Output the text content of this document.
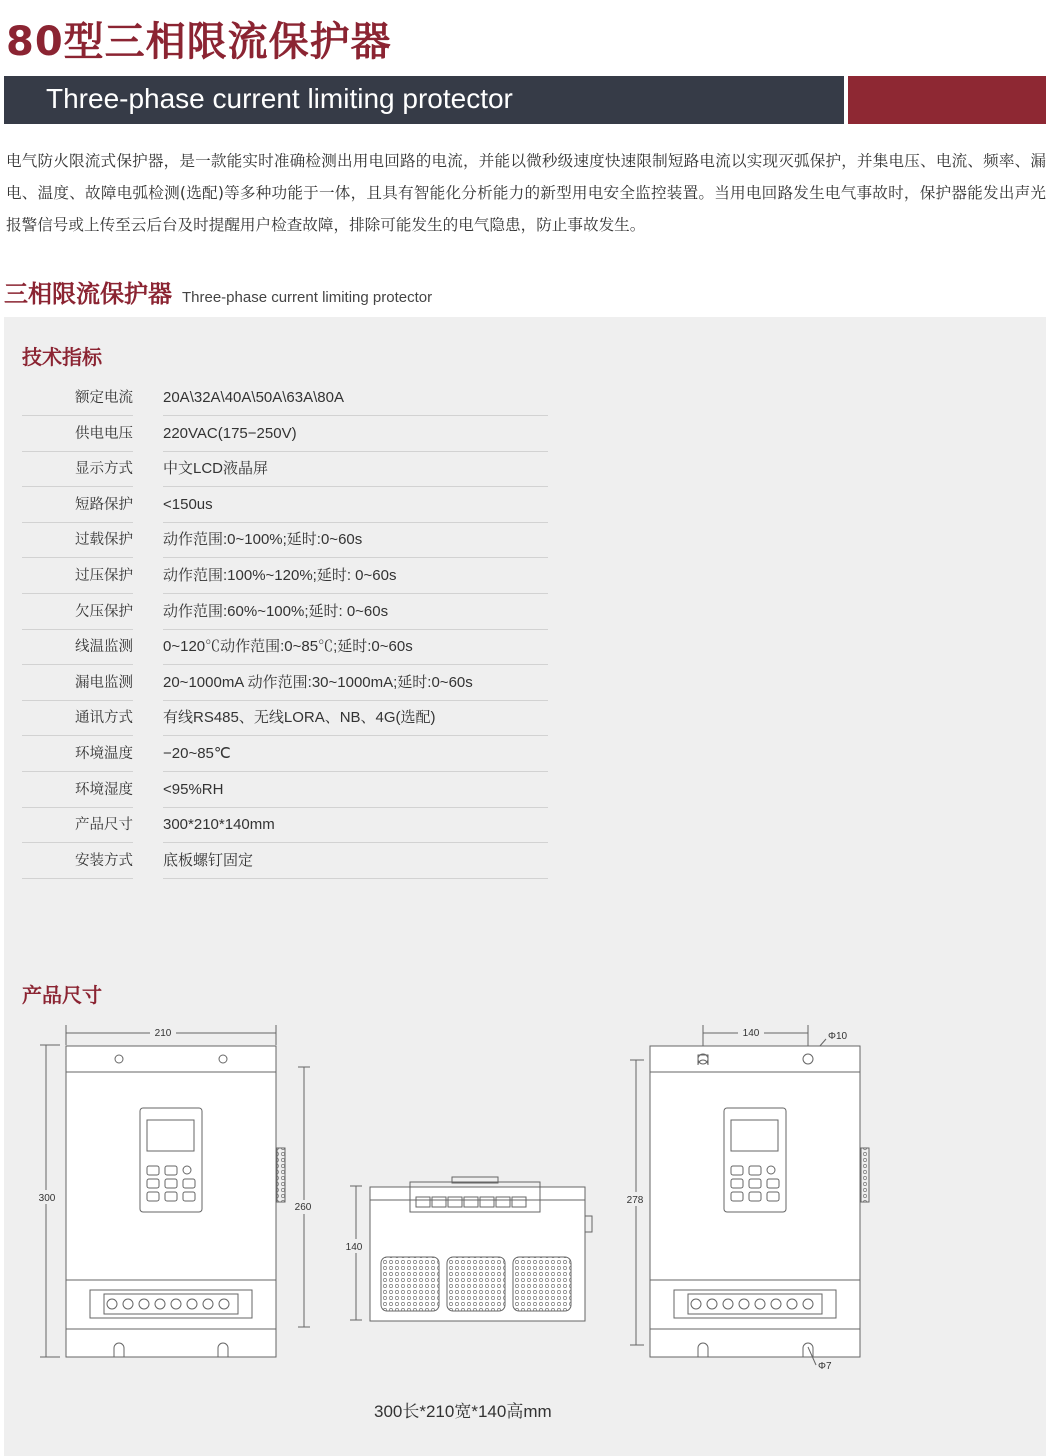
80型三相限流保护器
Three-phase current limiting protector

电气防火限流式保护器，是一款能实时准确检测出用电回路的电流，并能以微秒级速度快速限制短路电流以实现灭弧保护，并集电压、电流、频率、漏电、温度、故障电弧检测(选配)等多种功能于一体，且具有智能化分析能力的新型用电安全监控装置。当用电回路发生电气事故时，保护器能发出声光报警信号或上传至云后台及时提醒用户检查故障，排除可能发生的电气隐患，防止事故发生。

三相限流保护器 Three-phase current limiting protector
技术指标
额定电流 20A\32A\40A\50A\63A\80A
供电电压 220VAC(175−250V)
显示方式 中文LCD液晶屏
短路保护 <150us
过载保护 动作范围:0~100%;延时:0~60s
过压保护 动作范围:100%~120%;延时: 0~60s
欠压保护 动作范围:60%~100%;延时: 0~60s
线温监测 0~120℃动作范围:0~85℃;延时:0~60s
漏电监测 20~1000mA 动作范围:30~1000mA;延时:0~60s
通讯方式 有线RS485、无线LORA、NB、4G(选配)
环境温度 −20~85℃
环境湿度 <95%RH
产品尺寸 300*210*140mm
安装方式 底板螺钉固定
产品尺寸
210
300
260
140
140	Φ10
278
Φ7
300长*210宽*140高mm
